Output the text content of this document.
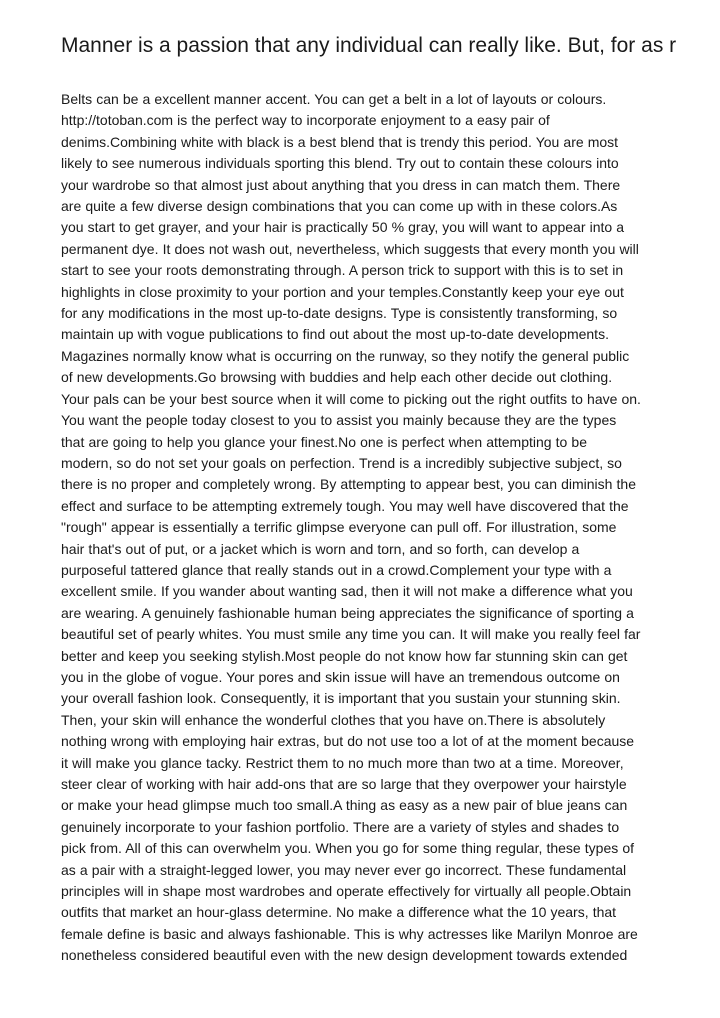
Manner is a passion that any individual can really like. But, for as r
Belts can be a excellent manner accent. You can get a belt in a lot of layouts or colours.
http://totoban.com is the perfect way to incorporate enjoyment to a easy pair of
denims.Combining white with black is a best blend that is trendy this period. You are most
likely to see numerous individuals sporting this blend. Try out to contain these colours into
your wardrobe so that almost just about anything that you dress in can match them. There
are quite a few diverse design combinations that you can come up with in these colors.As
you start to get grayer, and your hair is practically 50 % gray, you will want to appear into a
permanent dye. It does not wash out, nevertheless, which suggests that every month you will
start to see your roots demonstrating through. A person trick to support with this is to set in
highlights in close proximity to your portion and your temples.Constantly keep your eye out
for any modifications in the most up-to-date designs. Type is consistently transforming, so
maintain up with vogue publications to find out about the most up-to-date developments.
Magazines normally know what is occurring on the runway, so they notify the general public
of new developments.Go browsing with buddies and help each other decide out clothing.
Your pals can be your best source when it will come to picking out the right outfits to have on.
You want the people today closest to you to assist you mainly because they are the types
that are going to help you glance your finest.No one is perfect when attempting to be
modern, so do not set your goals on perfection. Trend is a incredibly subjective subject, so
there is no proper and completely wrong. By attempting to appear best, you can diminish the
effect and surface to be attempting extremely tough. You may well have discovered that the
"rough" appear is essentially a terrific glimpse everyone can pull off. For illustration, some
hair that's out of put, or a jacket which is worn and torn, and so forth, can develop a
purposeful tattered glance that really stands out in a crowd.Complement your type with a
excellent smile. If you wander about wanting sad, then it will not make a difference what you
are wearing. A genuinely fashionable human being appreciates the significance of sporting a
beautiful set of pearly whites. You must smile any time you can. It will make you really feel far
better and keep you seeking stylish.Most people do not know how far stunning skin can get
you in the globe of vogue. Your pores and skin issue will have an tremendous outcome on
your overall fashion look. Consequently, it is important that you sustain your stunning skin.
Then, your skin will enhance the wonderful clothes that you have on.There is absolutely
nothing wrong with employing hair extras, but do not use too a lot of at the moment because
it will make you glance tacky. Restrict them to no much more than two at a time. Moreover,
steer clear of working with hair add-ons that are so large that they overpower your hairstyle
or make your head glimpse much too small.A thing as easy as a new pair of blue jeans can
genuinely incorporate to your fashion portfolio. There are a variety of styles and shades to
pick from. All of this can overwhelm you. When you go for some thing regular, these types of
as a pair with a straight-legged lower, you may never ever go incorrect. These fundamental
principles will in shape most wardrobes and operate effectively for virtually all people.Obtain
outfits that market an hour-glass determine. No make a difference what the 10 years, that
female define is basic and always fashionable. This is why actresses like Marilyn Monroe are
nonetheless considered beautiful even with the new design development towards extended
